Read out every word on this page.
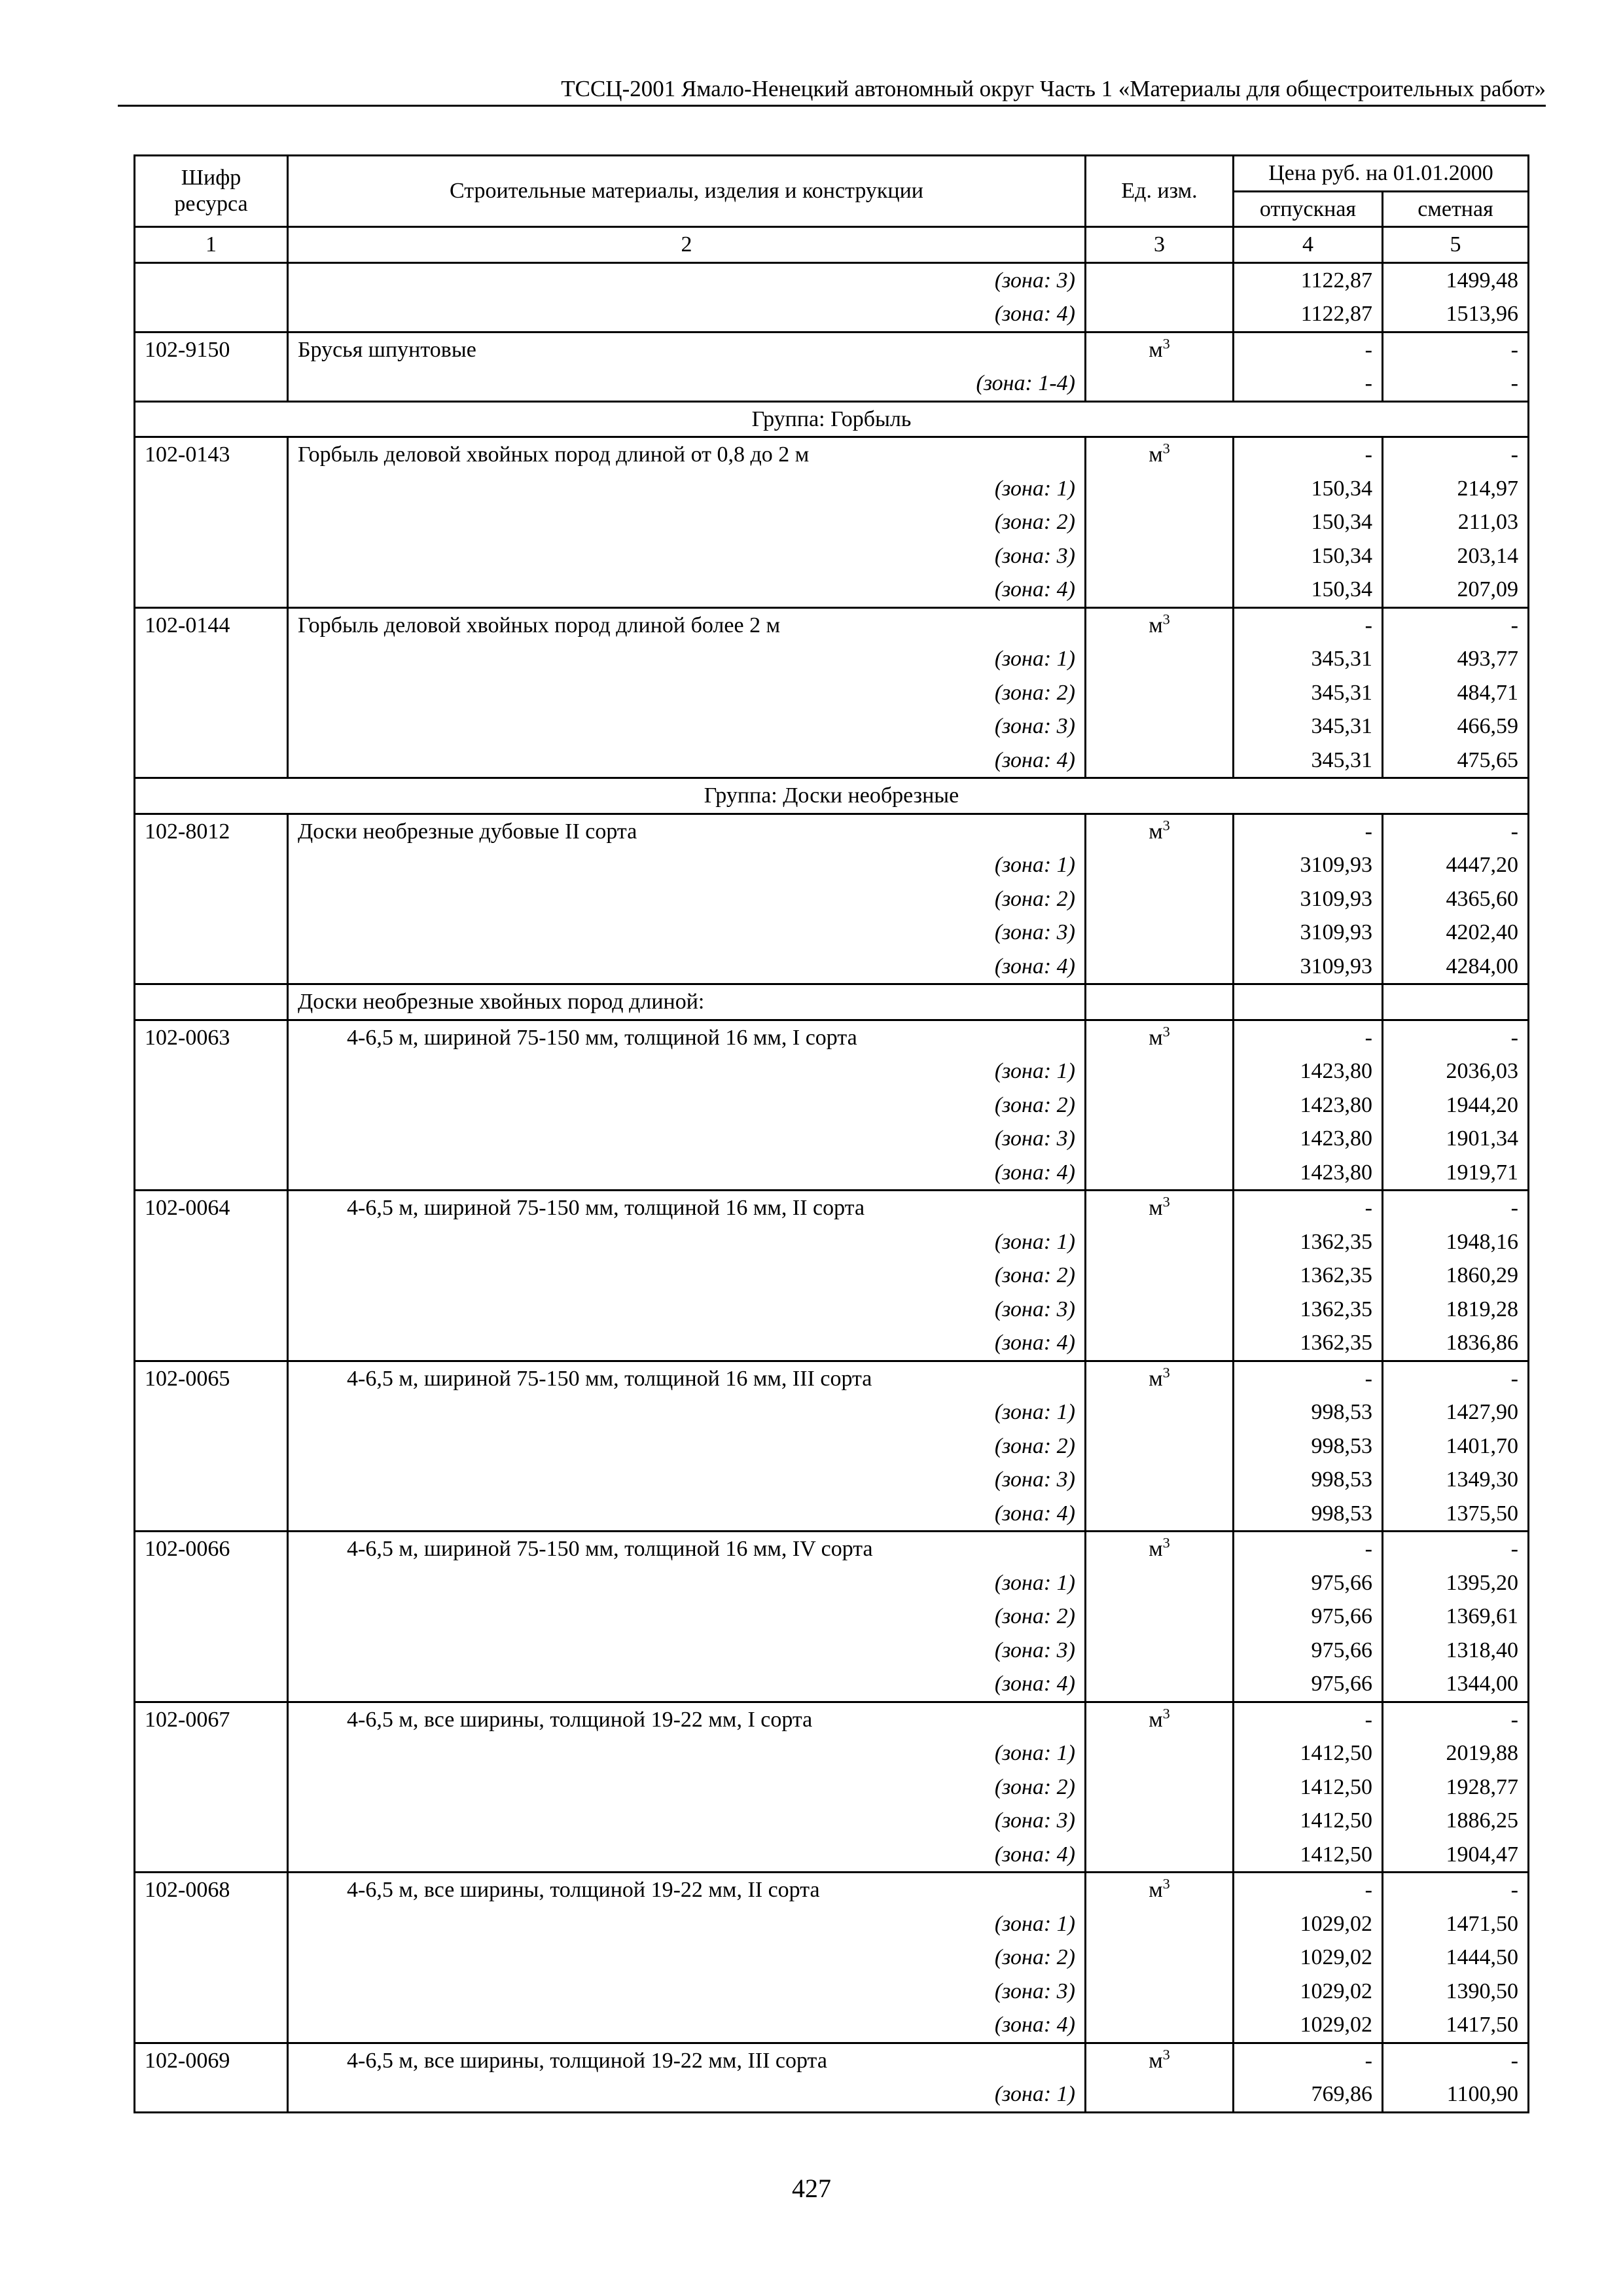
ТССЦ-2001 Ямало-Ненецкий автономный округ Часть 1 «Материалы для общестроительных работ»
Шифр ресурса	Строительные материалы, изделия и конструкции	Ед. изм.	Цена руб. на 01.01.2000	
			отпускная	сметная
1	2	3	4	5
	(зона: 3)		1122,87	1499,48
	(зона: 4)		1122,87	1513,96
102-9150	Брусья шпунтовые	$м^3$	-	-
	(зона: 1-4)		-	-
Группа: Горбыль				
102-0143	Горбыль деловой хвойных пород длиной от 0,8 до 2 м	$м^3$	-	-
	(зона: 1)		150,34	214,97
	(зона: 2)		150,34	211,03
	(зона: 3)		150,34	203,14
	(зона: 4)		150,34	207,09
102-0144	Горбыль деловой хвойных пород длиной более 2 м	$м^3$	-	-
	(зона: 1)		345,31	493,77
	(зона: 2)		345,31	484,71
	(зона: 3)		345,31	466,59
	(зона: 4)		345,31	475,65
Группа: Доски необрезные				
102-8012	Доски необрезные дубовые II сорта	$м^3$	-	-
	(зона: 1)		3109,93	4447,20
	(зона: 2)		3109,93	4365,60
	(зона: 3)		3109,93	4202,40
	(зона: 4)		3109,93	4284,00
	Доски необрезные хвойных пород длиной:			
102-0063	4-6,5 м, шириной 75-150 мм, толщиной 16 мм, I сорта	$м^3$	-	-
	(зона: 1)		1423,80	2036,03
	(зона: 2)		1423,80	1944,20
	(зона: 3)		1423,80	1901,34
	(зона: 4)		1423,80	1919,71
102-0064	4-6,5 м, шириной 75-150 мм, толщиной 16 мм, II сорта	$м^3$	-	-
	(зона: 1)		1362,35	1948,16
	(зона: 2)		1362,35	1860,29
	(зона: 3)		1362,35	1819,28
	(зона: 4)		1362,35	1836,86
102-0065	4-6,5 м, шириной 75-150 мм, толщиной 16 мм, III сорта	$м^3$	-	-
	(зона: 1)		998,53	1427,90
	(зона: 2)		998,53	1401,70
	(зона: 3)		998,53	1349,30
	(зона: 4)		998,53	1375,50
102-0066	4-6,5 м, шириной 75-150 мм, толщиной 16 мм, IV сорта	$м^3$	-	-
	(зона: 1)		975,66	1395,20
	(зона: 2)		975,66	1369,61
	(зона: 3)		975,66	1318,40
	(зона: 4)		975,66	1344,00
102-0067	4-6,5 м, все ширины, толщиной 19-22 мм, I сорта	$м^3$	-	-
	(зона: 1)		1412,50	2019,88
	(зона: 2)		1412,50	1928,77
	(зона: 3)		1412,50	1886,25
	(зона: 4)		1412,50	1904,47
102-0068	4-6,5 м, все ширины, толщиной 19-22 мм, II сорта	$м^3$	-	-
	(зона: 1)		1029,02	1471,50
	(зона: 2)		1029,02	1444,50
	(зона: 3)		1029,02	1390,50
	(зона: 4)		1029,02	1417,50
102-0069	4-6,5 м, все ширины, толщиной 19-22 мм, III сорта	$м^3$	-	-
	(зона: 1)		769,86	1100,90
427
